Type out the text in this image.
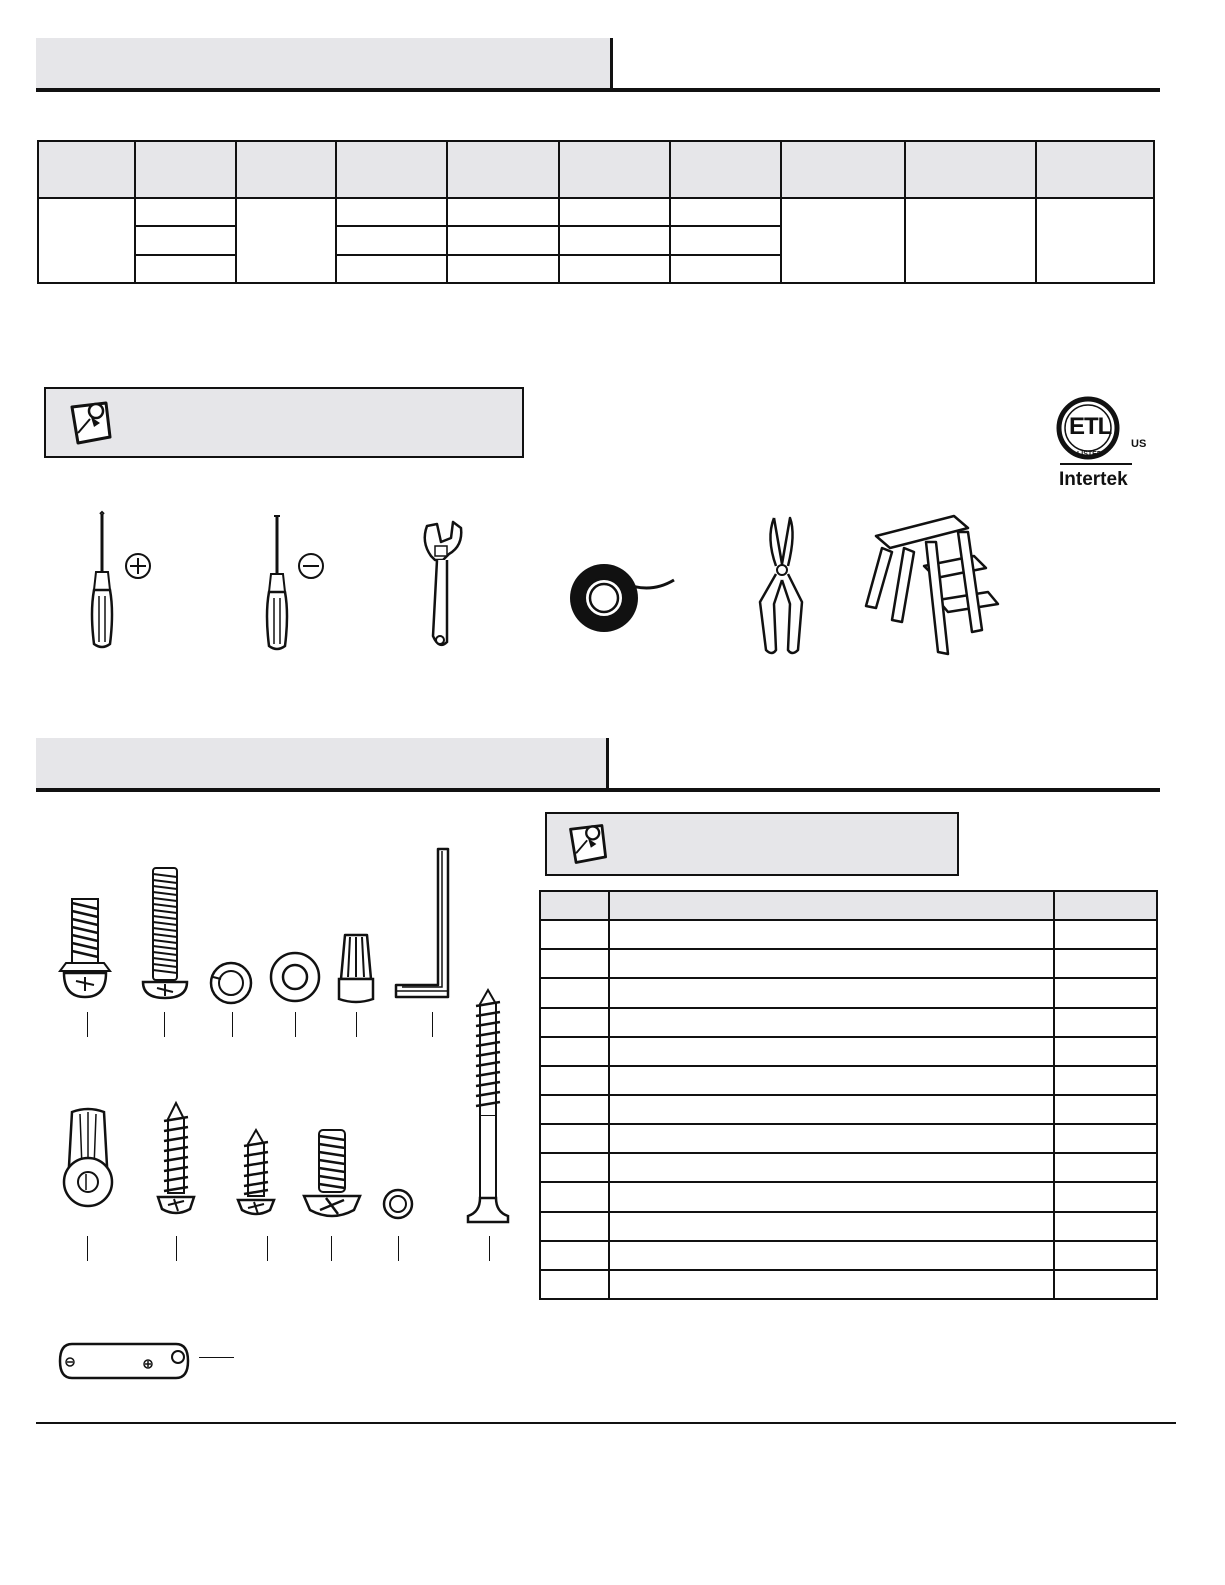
ETL
LISTED
US
Intertek
